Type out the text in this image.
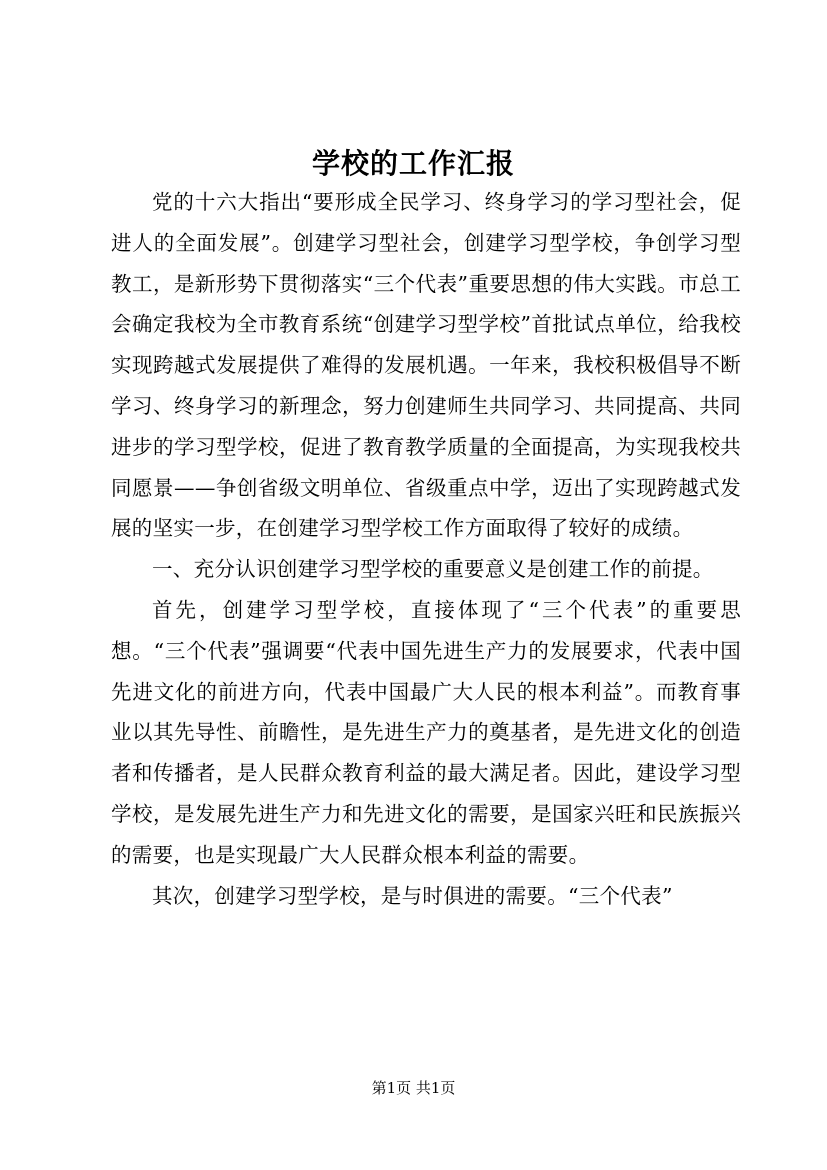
学校的工作汇报

党的十六大指出“要形成全民学习、终身学习的学习型社会，促进人的全面发展”。创建学习型社会，创建学习型学校，争创学习型教工，是新形势下贯彻落实“三个代表”重要思想的伟大实践。市总工会确定我校为全市教育系统“创建学习型学校”首批试点单位，给我校实现跨越式发展提供了难得的发展机遇。一年来，我校积极倡导不断学习、终身学习的新理念，努力创建师生共同学习、共同提高、共同进步的学习型学校，促进了教育教学质量的全面提高，为实现我校共同愿景——争创省级文明单位、省级重点中学，迈出了实现跨越式发展的坚实一步，在创建学习型学校工作方面取得了较好的成绩。

一、充分认识创建学习型学校的重要意义是创建工作的前提。

首先，创建学习型学校，直接体现了“三个代表”的重要思想。“三个代表”强调要“代表中国先进生产力的发展要求，代表中国先进文化的前进方向，代表中国最广大人民的根本利益”。而教育事业以其先导性、前瞻性，是先进生产力的奠基者，是先进文化的创造者和传播者，是人民群众教育利益的最大满足者。因此，建设学习型学校，是发展先进生产力和先进文化的需要，是国家兴旺和民族振兴的需要，也是实现最广大人民群众根本利益的需要。

其次，创建学习型学校，是与时俱进的需要。“三个代表”

第1页 共1页
